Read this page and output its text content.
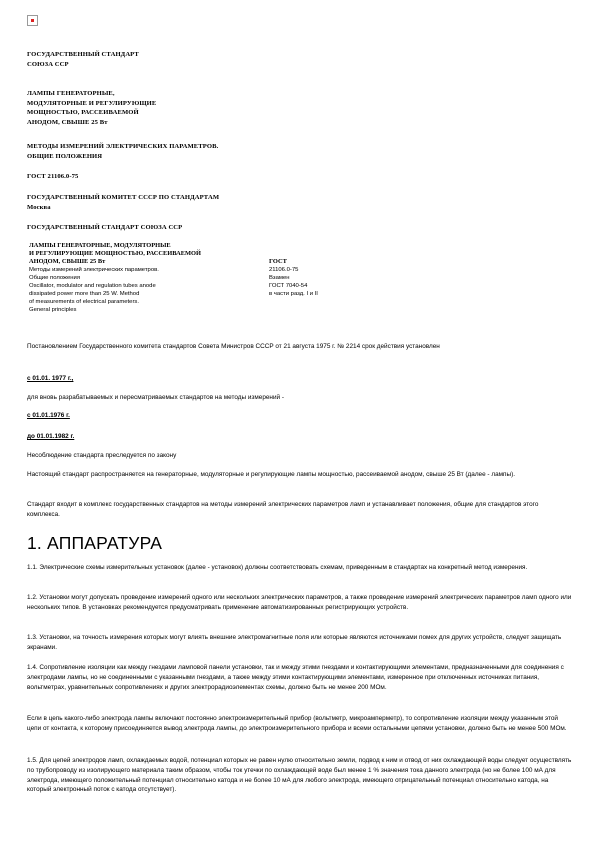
ГОСУДАРСТВЕННЫЙ СТАНДАРТ
СОЮЗА ССР

ЛАМПЫ ГЕНЕРАТОРНЫЕ,
МОДУЛЯТОРНЫЕ И РЕГУЛИРУЮЩИЕ
МОЩНОСТЬЮ, РАССЕИВАЕМОЙ
АНОДОМ, СВЫШЕ 25 Вт

МЕТОДЫ ИЗМЕРЕНИЙ ЭЛЕКТРИЧЕСКИХ ПАРАМЕТРОВ.
ОБЩИЕ ПОЛОЖЕНИЯ

ГОСТ 21106.0-75

ГОСУДАРСТВЕННЫЙ КОМИТЕТ СССР ПО СТАНДАРТАМ
Москва

ГОСУДАРСТВЕННЫЙ СТАНДАРТ СОЮЗА ССР

ЛАМПЫ ГЕНЕРАТОРНЫЕ, МОДУЛЯТОРНЫЕ
И РЕГУЛИРУЮЩИЕ МОЩНОСТЬЮ, РАССЕИВАЕМОЙ
АНОДОМ, СВЫШЕ 25 Вт	ГОСТ
Методы измерений электрических параметров.	21106.0-75
Общие положения	Взамен
Oscillator, modulator and regulation tubes anode	ГОСТ 7040-54
dissipated power more than 25 W. Method	в части разд. I и II
of measurements of electrical parameters.
General principles

Постановлением Государственного комитета стандартов Совета Министров СССР от 21 августа 1975 г. № 2214 срок действия установлен

с 01.01. 1977 г.,

для вновь разрабатываемых и пересматриваемых стандартов на методы измерений -

с 01.01.1976 г.

до 01.01.1982 г.

Несоблюдение стандарта преследуется по закону

Настоящий стандарт распространяется на генераторные, модуляторные и регулирующие лампы мощностью, рассеиваемой анодом, свыше 25 Вт (далее - лампы).

Стандарт входит в комплекс государственных стандартов на методы измерений электрических параметров ламп и устанавливает положения, общие для стандартов этого комплекса.

1. АППАРАТУРА

1.1. Электрические схемы измерительных установок (далее - установок) должны соответствовать схемам, приведенным в стандартах на конкретный метод измерения.

1.2. Установки могут допускать проведение измерений одного или нескольких электрических параметров, а также проведение измерений электрических параметров ламп одного или нескольких типов. В установках рекомендуется предусматривать применение автоматизированных регистрирующих устройств.

1.3. Установки, на точность измерения которых могут влиять внешние электромагнитные поля или которые являются источниками помех для других устройств, следует защищать экранами.

1.4. Сопротивление изоляции как между гнездами ламповой панели установки, так и между этими гнездами и контактирующими элементами, предназначенными для соединения с электродами лампы, но не соединенными с указанными гнездами, а также между этими контактирующими элементами, измеренное при отключенных источниках питания, вольтметрах, уравнительных сопротивлениях и других электрорадиоэлементах схемы, должно быть не менее 200 МОм.

Если в цепь какого-либо электрода лампы включают постоянно электроизмерительный прибор (вольтметр, микроамперметр), то сопротивление изоляции между указанным этой цепи от контакта, к которому присоединяется вывод электрода лампы, до электроизмерительного прибора и всеми остальными цепями установки, должно быть не менее 500 МОм.

1.5. Для цепей электродов ламп, охлаждаемых водой, потенциал которых не равен нулю относительно земли, подвод к ним и отвод от них охлаждающей воды следует осуществлять по трубопроводу из изолирующего материала таким образом, чтобы ток утечки по охлаждающей воде был менее 1 % значения тока данного электрода (но не более 100 мА для электрода, имеющего положительный потенциал относительно катода и не более 10 мА для любого электрода, имеющего отрицательный потенциал относительно катода, на который электронный поток с катода отсутствует).
